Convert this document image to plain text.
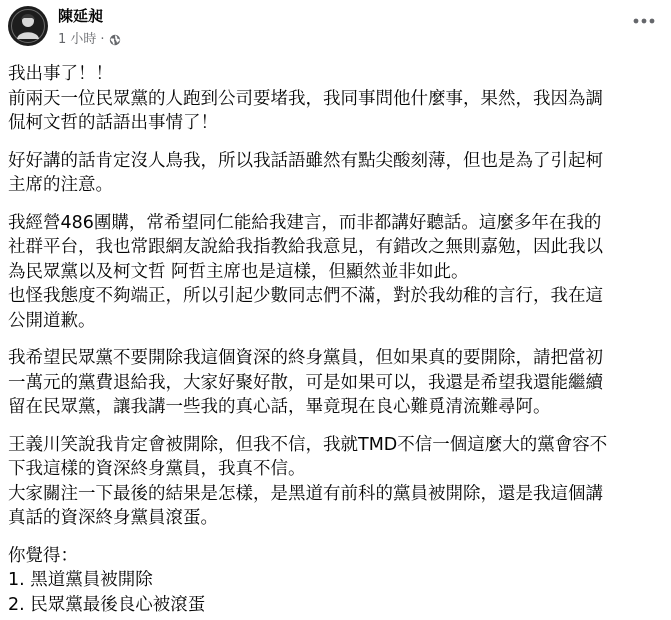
陳延昶
1 小時 ·

我出事了！！

前兩天一位民眾黨的人跑到公司要堵我，我同事問他什麼事，果然，我因為調

侃柯文哲的話語出事情了！

好好講的話肯定沒人鳥我，所以我話語雖然有點尖酸刻薄，但也是為了引起柯

主席的注意。

我經營486團購，常希望同仁能給我建言，而非都講好聽話。這麼多年在我的

社群平台，我也常跟網友說給我指教給我意見，有錯改之無則嘉勉，因此我以

為民眾黨以及柯文哲 阿哲主席也是這樣，但顯然並非如此。

也怪我態度不夠端正，所以引起少數同志們不滿，對於我幼稚的言行，我在這

公開道歉。

我希望民眾黨不要開除我這個資深的終身黨員，但如果真的要開除，請把當初

一萬元的黨費退給我，大家好聚好散，可是如果可以，我還是希望我還能繼續

留在民眾黨，讓我講一些我的真心話，畢竟現在良心難覓清流難尋阿。

王義川笑說我肯定會被開除，但我不信，我就TMD不信一個這麼大的黨會容不

下我這樣的資深終身黨員，我真不信。

大家關注一下最後的結果是怎樣，是黑道有前科的黨員被開除，還是我這個講

真話的資深終身黨員滾蛋。

你覺得：

1. 黑道黨員被開除

2. 民眾黨最後良心被滾蛋
